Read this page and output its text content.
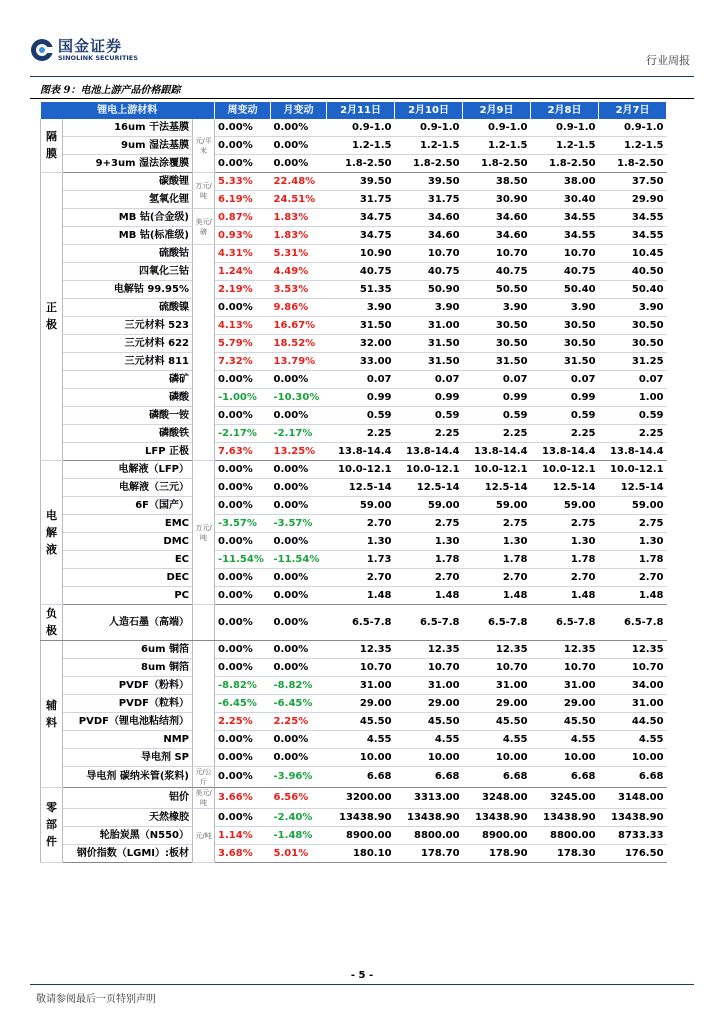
国金证券
SINOLINK SECURITIES	行业周报
图表 9：电池上游产品价格跟踪
锂电上游材料			周变动	月变动	2月11日	2月10日	2月9日	2月8日	2月7日
隔膜	16um 干法基膜	元/平米	0.00%	0.00%	0.9-1.0	0.9-1.0	0.9-1.0	0.9-1.0	0.9-1.0
	9um 湿法基膜		0.00%	0.00%	1.2-1.5	1.2-1.5	1.2-1.5	1.2-1.5	1.2-1.5
	9+3um 湿法涂覆膜		0.00%	0.00%	1.8-2.50	1.8-2.50	1.8-2.50	1.8-2.50	1.8-2.50
正极	碳酸锂	万元/吨	5.33%	22.48%	39.50	39.50	38.50	38.00	37.50
	氢氧化锂		6.19%	24.51%	31.75	31.75	30.90	30.40	29.90
	MB 钴(合金级)	美元/磅	0.87%	1.83%	34.75	34.60	34.60	34.55	34.55
	MB 钴(标准级)		0.93%	1.83%	34.75	34.60	34.60	34.55	34.55
	硫酸钴		4.31%	5.31%	10.90	10.70	10.70	10.70	10.45
	四氧化三钴		1.24%	4.49%	40.75	40.75	40.75	40.75	40.50
	电解钴 99.95%		2.19%	3.53%	51.35	50.90	50.50	50.40	50.40
	硫酸镍		0.00%	9.86%	3.90	3.90	3.90	3.90	3.90
	三元材料 523		4.13%	16.67%	31.50	31.00	30.50	30.50	30.50
	三元材料 622		5.79%	18.52%	32.00	31.50	30.50	30.50	30.50
	三元材料 811		7.32%	13.79%	33.00	31.50	31.50	31.50	31.25
	磷矿		0.00%	0.00%	0.07	0.07	0.07	0.07	0.07
	磷酸		-1.00%	-10.30%	0.99	0.99	0.99	0.99	1.00
	磷酸一铵		0.00%	0.00%	0.59	0.59	0.59	0.59	0.59
	磷酸铁		-2.17%	-2.17%	2.25	2.25	2.25	2.25	2.25
	LFP 正极		7.63%	13.25%	13.8-14.4	13.8-14.4	13.8-14.4	13.8-14.4	13.8-14.4
电解液	电解液（LFP）	万元/吨	0.00%	0.00%	10.0-12.1	10.0-12.1	10.0-12.1	10.0-12.1	10.0-12.1
	电解液（三元）		0.00%	0.00%	12.5-14	12.5-14	12.5-14	12.5-14	12.5-14
	6F（国产）		0.00%	0.00%	59.00	59.00	59.00	59.00	59.00
	EMC		-3.57%	-3.57%	2.70	2.75	2.75	2.75	2.75
	DMC		0.00%	0.00%	1.30	1.30	1.30	1.30	1.30
	EC		-11.54%	-11.54%	1.73	1.78	1.78	1.78	1.78
	DEC		0.00%	0.00%	2.70	2.70	2.70	2.70	2.70
	PC		0.00%	0.00%	1.48	1.48	1.48	1.48	1.48
负极	人造石墨（高端）		0.00%	0.00%	6.5-7.8	6.5-7.8	6.5-7.8	6.5-7.8	6.5-7.8
辅料	6um 铜箔		0.00%	0.00%	12.35	12.35	12.35	12.35	12.35
	8um 铜箔		0.00%	0.00%	10.70	10.70	10.70	10.70	10.70
	PVDF（粉料）		-8.82%	-8.82%	31.00	31.00	31.00	31.00	34.00
	PVDF（粒料）		-6.45%	-6.45%	29.00	29.00	29.00	29.00	31.00
	PVDF（锂电池粘结剂）		2.25%	2.25%	45.50	45.50	45.50	45.50	44.50
	NMP		0.00%	0.00%	4.55	4.55	4.55	4.55	4.55
	导电剂 SP		0.00%	0.00%	10.00	10.00	10.00	10.00	10.00
	导电剂 碳纳米管(浆料)	元/公斤	0.00%	-3.96%	6.68	6.68	6.68	6.68	6.68
零部件	铝价	美元/吨	3.66%	6.56%	3200.00	3313.00	3248.00	3245.00	3148.00
	天然橡胶	元/吨	0.00%	-2.40%	13438.90	13438.90	13438.90	13438.90	13438.90
	轮胎炭黑（N550）		1.14%	-1.48%	8900.00	8800.00	8900.00	8800.00	8733.33
	钢价指数（LGMI）:板材		3.68%	5.01%	180.10	178.70	178.90	178.30	176.50
- 5 -
敬请参阅最后一页特别声明
